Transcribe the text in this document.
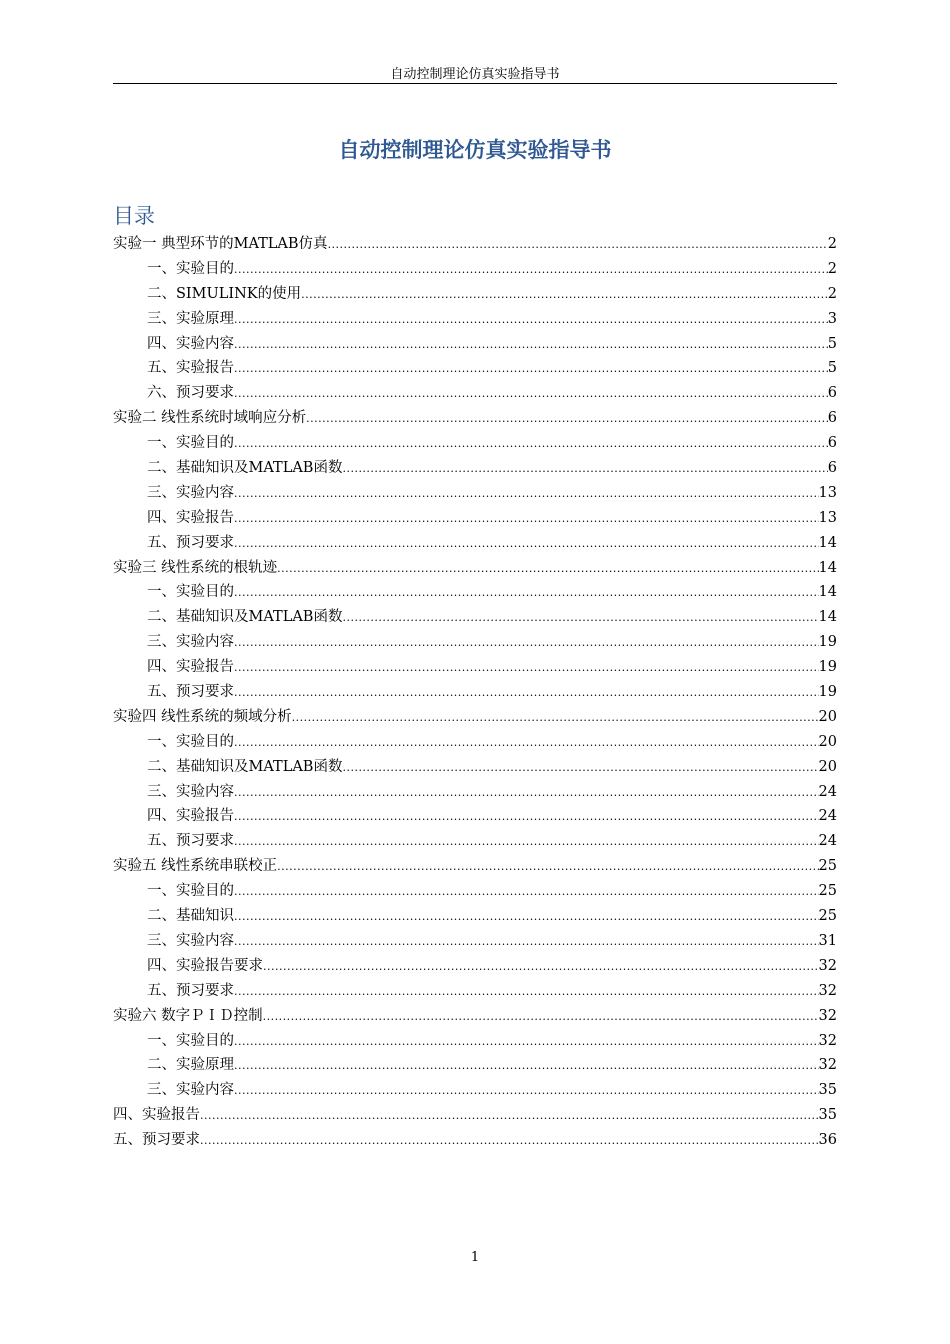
自动控制理论仿真实验指导书
自动控制理论仿真实验指导书
目录
实验一 典型环节的MATLAB仿真 .....	2
一、实验目的 .....	2
二、SIMULINK的使用 .....	2
三、实验原理 .....	3
四、实验内容 .....	5
五、实验报告 .....	5
六、预习要求 .....	6
实验二 线性系统时域响应分析 .....	6
一、实验目的 .....	6
二、基础知识及MATLAB函数 .....	6
三、实验内容 .....	13
四、实验报告 .....	13
五、预习要求 .....	14
实验三 线性系统的根轨迹 .....	14
一、实验目的 .....	14
二、基础知识及MATLAB函数 .....	14
三、实验内容 .....	19
四、实验报告 .....	19
五、预习要求 .....	19
实验四 线性系统的频域分析 .....	20
一、实验目的 .....	20
二、基础知识及MATLAB函数 .....	20
三、实验内容 .....	24
四、实验报告 .....	24
五、预习要求 .....	24
实验五 线性系统串联校正 .....	25
一、实验目的 .....	25
二、基础知识 .....	25
三、实验内容 .....	31
四、实验报告要求 .....	32
五、预习要求 .....	32
实验六 数字ＰＩＤ控制 .....	32
一、实验目的 .....	32
二、实验原理 .....	32
三、实验内容 .....	35
四、实验报告 .....	35
五、预习要求 .....	36
1
